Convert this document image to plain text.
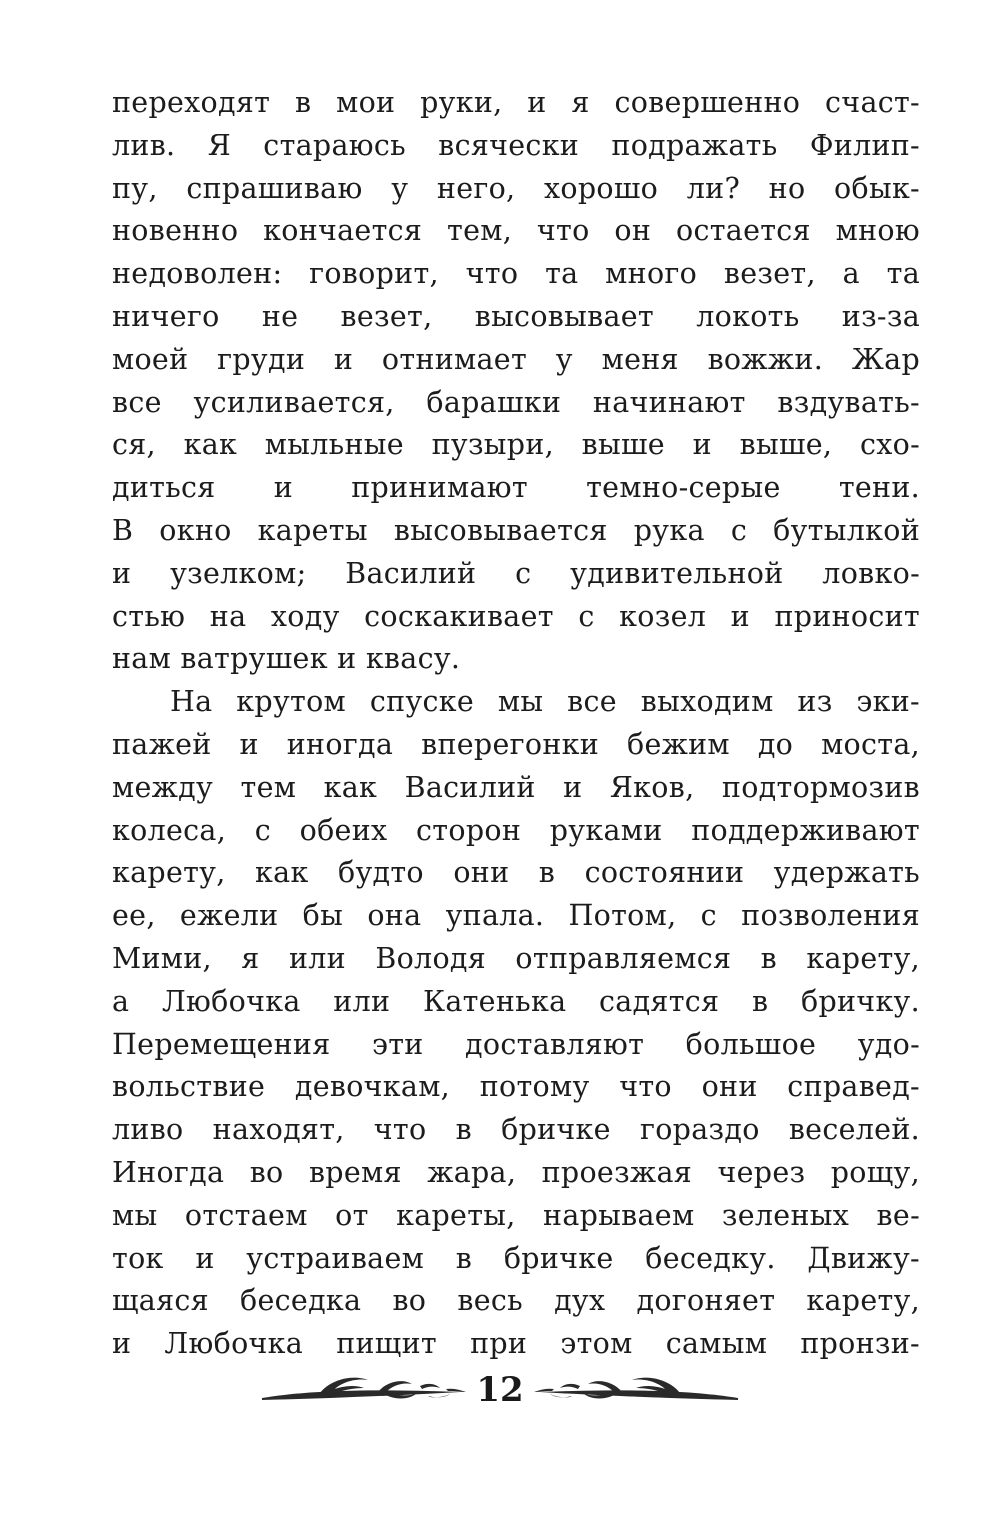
переходят в мои руки, и я совершенно счаст-
лив. Я стараюсь всячески подражать Филип-
пу, спрашиваю у него, хорошо ли? но обык-
новенно кончается тем, что он остается мною
недоволен: говорит, что та много везет, а та
ничего не везет, высовывает локоть из-за
моей груди и отнимает у меня вожжи. Жар
все усиливается, барашки начинают вздувать-
ся, как мыльные пузыри, выше и выше, схо-
диться и принимают темно-серые тени.
В окно кареты высовывается рука с бутылкой
и узелком; Василий с удивительной ловко-
стью на ходу соскакивает с козел и приносит
нам ватрушек и квасу.
На крутом спуске мы все выходим из эки-
пажей и иногда вперегонки бежим до моста,
между тем как Василий и Яков, подтормозив
колеса, с обеих сторон руками поддерживают
карету, как будто они в состоянии удержать
ее, ежели бы она упала. Потом, с позволения
Мими, я или Володя отправляемся в карету,
а Любочка или Катенька садятся в бричку.
Перемещения эти доставляют большое удо-
вольствие девочкам, потому что они справед-
ливо находят, что в бричке гораздо веселей.
Иногда во время жара, проезжая через рощу,
мы отстаем от кареты, нарываем зеленых ве-
ток и устраиваем в бричке беседку. Движу-
щаяся беседка во весь дух догоняет карету,
и Любочка пищит при этом самым пронзи-
12
